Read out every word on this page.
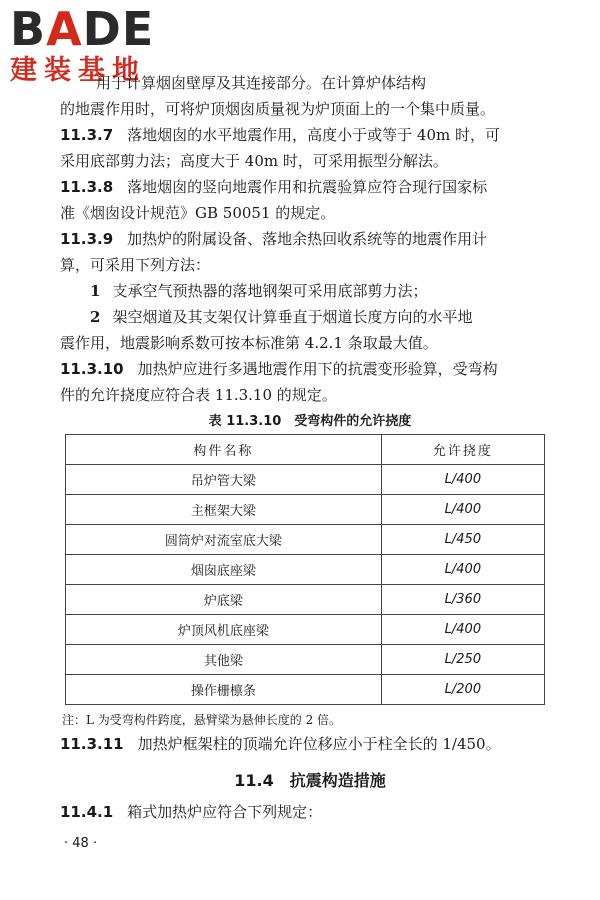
BADE
建装基地
用于计算烟囱壁厚及其连接部分。在计算炉体结构
的地震作用时，可将炉顶烟囱质量视为炉顶面上的一个集中质量。
11.3.7 落地烟囱的水平地震作用，高度小于或等于 40m 时，可
采用底部剪力法；高度大于 40m 时，可采用振型分解法。
11.3.8 落地烟囱的竖向地震作用和抗震验算应符合现行国家标
准《烟囱设计规范》GB 50051 的规定。
11.3.9 加热炉的附属设备、落地余热回收系统等的地震作用计
算，可采用下列方法：
1 支承空气预热器的落地钢架可采用底部剪力法；
2 架空烟道及其支架仅计算垂直于烟道长度方向的水平地
震作用，地震影响系数可按本标准第 4.2.1 条取最大值。
11.3.10 加热炉应进行多遇地震作用下的抗震变形验算，受弯构
件的允许挠度应符合表 11.3.10 的规定。
表 11.3.10　受弯构件的允许挠度
构件名称	允许挠度
吊炉管大梁	L/400
主框架大梁	L/400
圆筒炉对流室底大梁	L/450
烟囱底座梁	L/400
炉底梁	L/360
炉顶风机底座梁	L/400
其他梁	L/250
操作栅檩条	L/200
注：L 为受弯构件跨度，悬臂梁为悬伸长度的 2 倍。
11.3.11 加热炉框架柱的顶端允许位移应小于柱全长的 1/450。
11.4　抗震构造措施
11.4.1 箱式加热炉应符合下列规定：
· 48 ·
